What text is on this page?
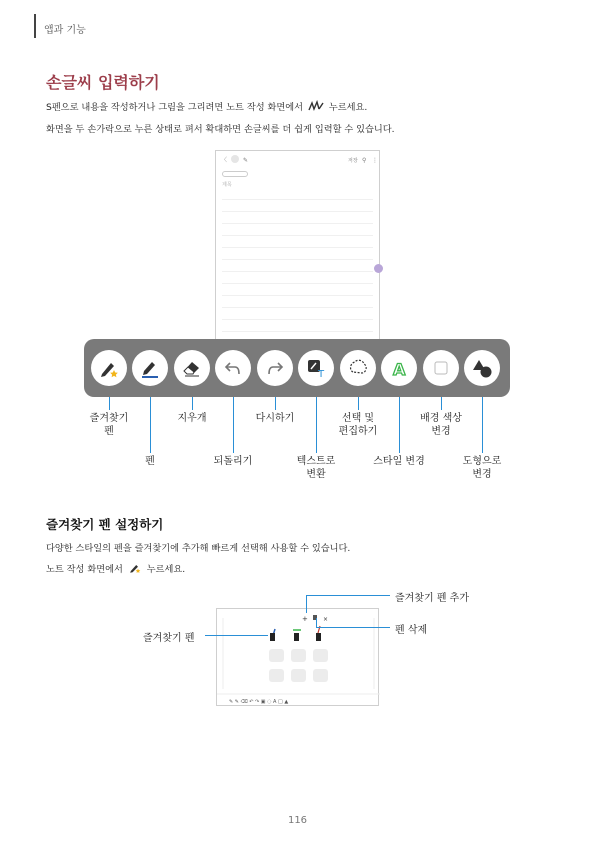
앱과 기능
손글씨 입력하기
S펜으로 내용을 작성하거나 그림을 그리려면 노트 작성 화면에서	누르세요.
화면을 두 손가락으로 누른 상태로 펴서 확대하면 손글씨를 더 쉽게 입력할 수 있습니다.
〈	✎	저장 ⚲ ⋮
제목
T	A
즐겨찾기
펜
펜
지우개
되돌리기
다시하기
텍스트로
변환
선택 및
편집하기
스타일 변경
배경 색상
변경
도형으로
변경
즐겨찾기 펜 설정하기
다양한 스타일의 펜을 즐겨찾기에 추가해 빠르게 선택해 사용할 수 있습니다.
노트 작성 화면에서	누르세요.
+	×
✎ ✎ ⌫ ↶ ↷ ▣ ◌ A □ ▲
즐겨찾기 펜 추가
펜 삭제
즐겨찾기 펜
116
